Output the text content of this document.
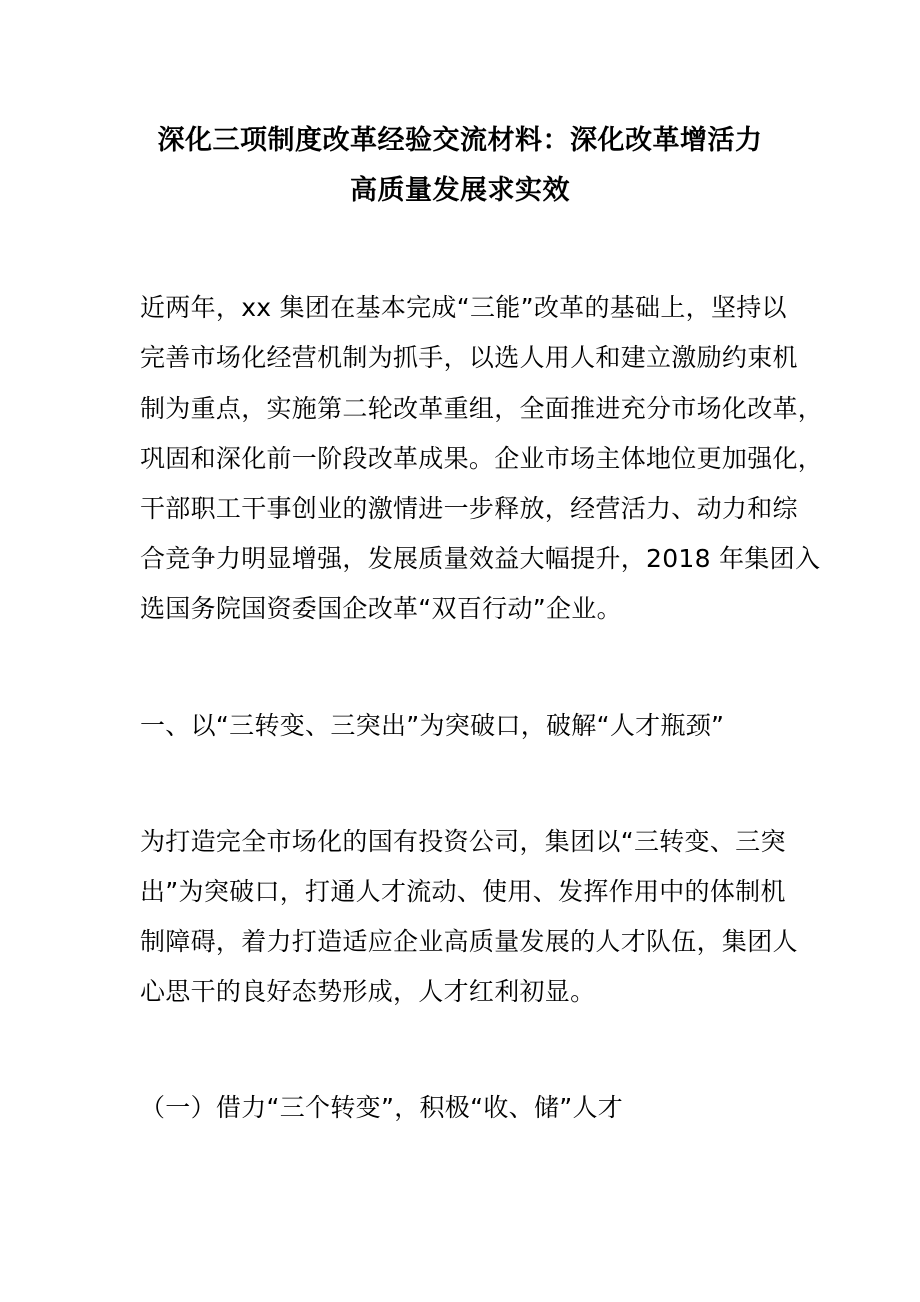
深化三项制度改革经验交流材料：深化改革增活力
高质量发展求实效
近两年，xx 集团在基本完成“三能”改革的基础上，坚持以
完善市场化经营机制为抓手，以选人用人和建立激励约束机
制为重点，实施第二轮改革重组，全面推进充分市场化改革，
巩固和深化前一阶段改革成果。企业市场主体地位更加强化，
干部职工干事创业的激情进一步释放，经营活力、动力和综
合竞争力明显增强，发展质量效益大幅提升，2018 年集团入
选国务院国资委国企改革“双百行动”企业。
一、以“三转变、三突出”为突破口，破解“人才瓶颈”
为打造完全市场化的国有投资公司，集团以“三转变、三突
出”为突破口，打通人才流动、使用、发挥作用中的体制机
制障碍，着力打造适应企业高质量发展的人才队伍，集团人
心思干的良好态势形成，人才红利初显。
（一）借力“三个转变”，积极“收、储”人才
